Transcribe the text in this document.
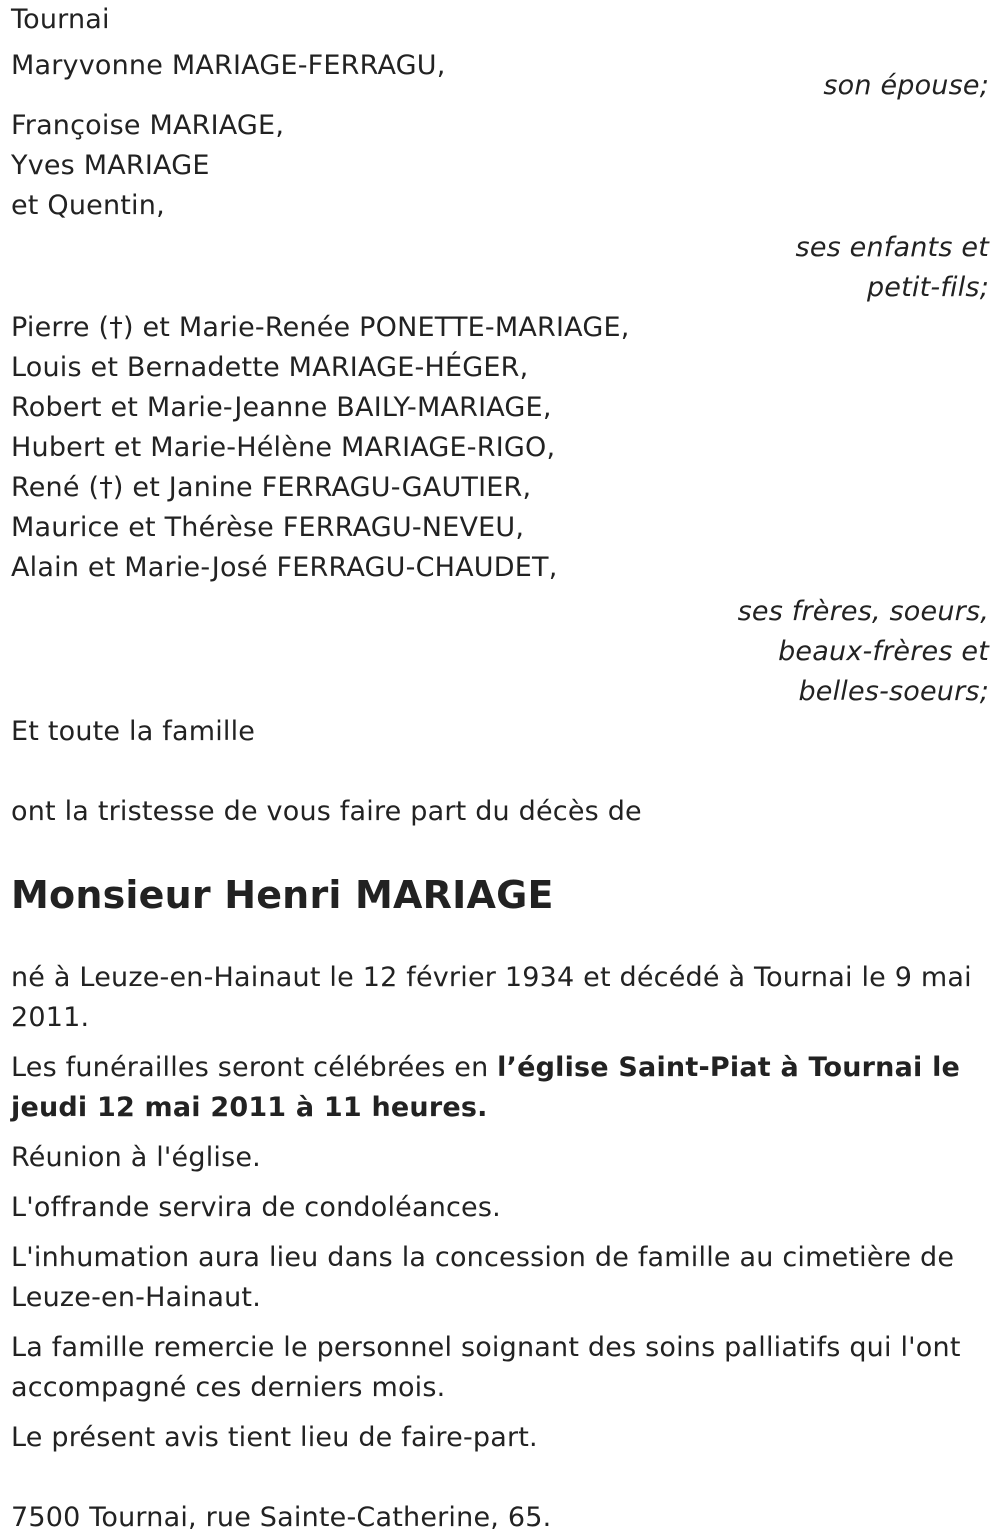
Tournai
Maryvonne MARIAGE-FERRAGU,
son épouse;
Françoise MARIAGE,
Yves MARIAGE
et Quentin,
ses enfants et
petit-fils;
Pierre (†) et Marie-Renée PONETTE-MARIAGE,
Louis et Bernadette MARIAGE-HÉGER,
Robert et Marie-Jeanne BAILY-MARIAGE,
Hubert et Marie-Hélène MARIAGE-RIGO,
René (†) et Janine FERRAGU-GAUTIER,
Maurice et Thérèse FERRAGU-NEVEU,
Alain et Marie-José FERRAGU-CHAUDET,
ses frères, soeurs,
beaux-frères et
belles-soeurs;
Et toute la famille
ont la tristesse de vous faire part du décès de
Monsieur Henri MARIAGE

né à Leuze-en-Hainaut le 12 février 1934 et décédé à Tournai le 9 mai 2011.

Les funérailles seront célébrées en l’église Saint-Piat à Tournai le jeudi 12 mai 2011 à 11 heures.

Réunion à l'église.

L'offrande servira de condoléances.

L'inhumation aura lieu dans la concession de famille au cimetière de Leuze-en-Hainaut.

La famille remercie le personnel soignant des soins palliatifs qui l'ont accompagné ces derniers mois.

Le présent avis tient lieu de faire-part.

7500 Tournai, rue Sainte-Catherine, 65.
